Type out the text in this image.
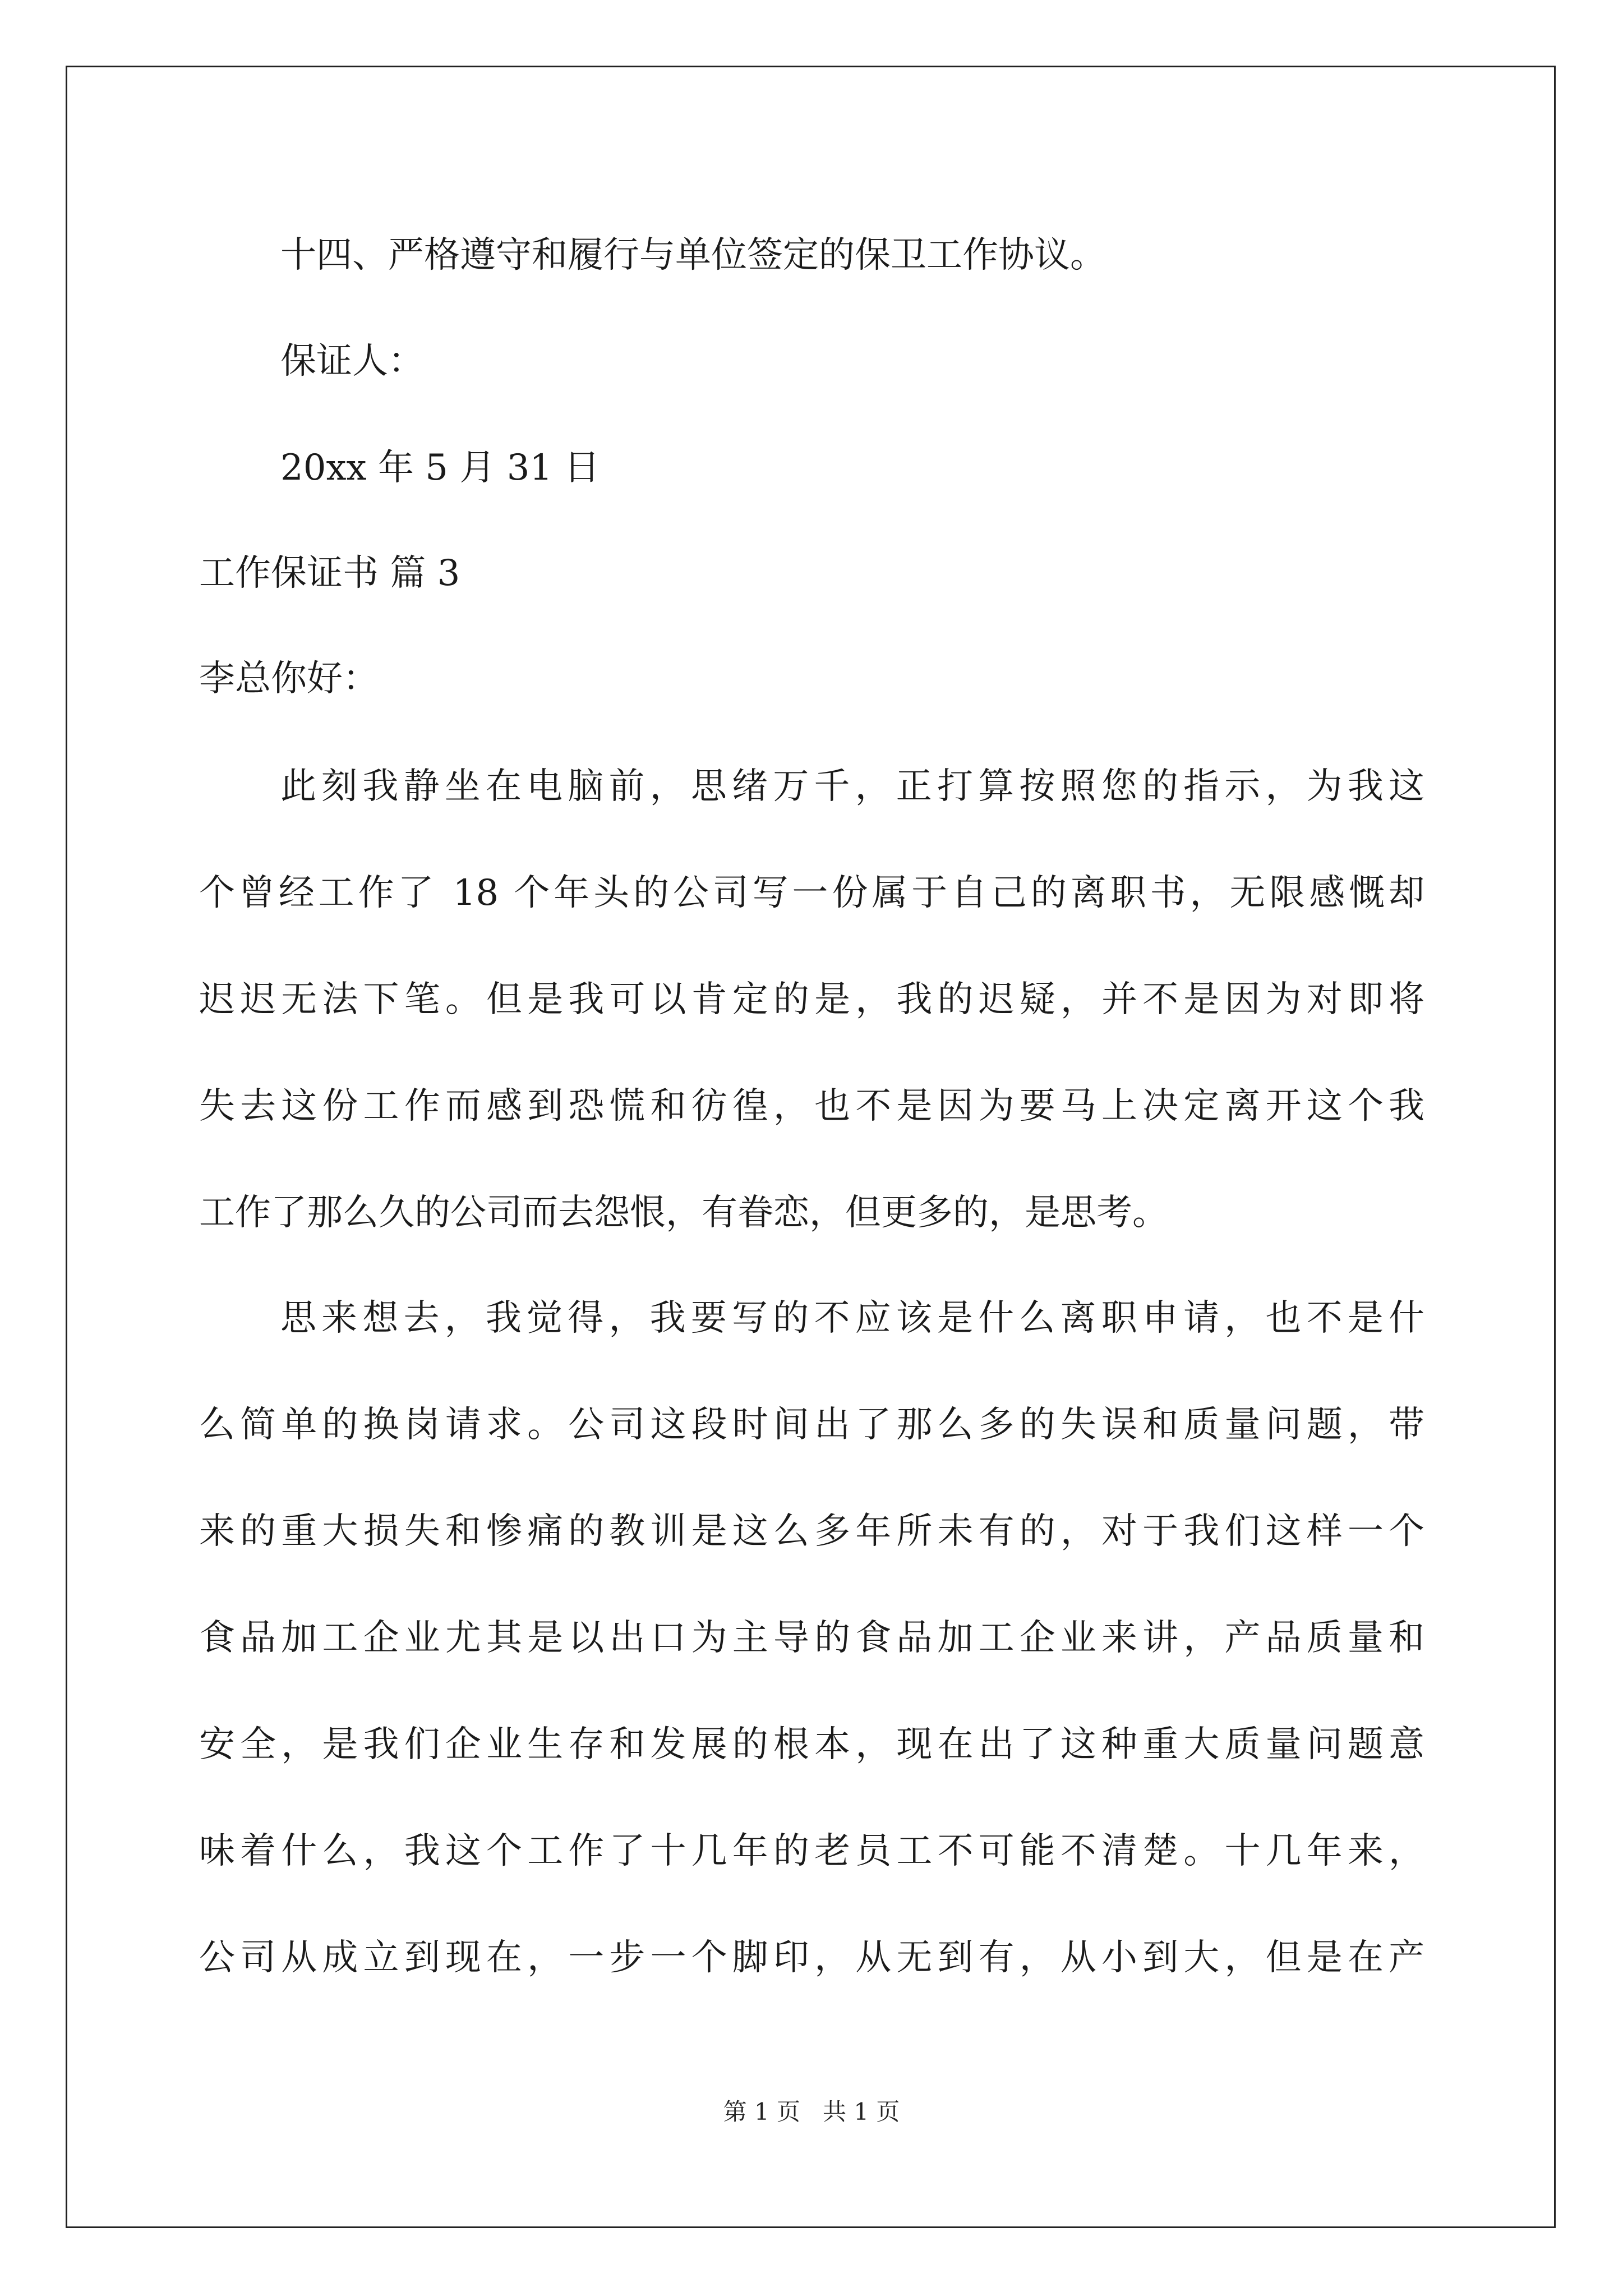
十四、严格遵守和履行与单位签定的保卫工作协议。
保证人：
20xx 年 5 月 31 日
工作保证书 篇 3
李总你好：
此刻我静坐在电脑前，思绪万千，正打算按照您的指示，为我这
个曾经工作了 18 个年头的公司写一份属于自己的离职书，无限感慨却
迟迟无法下笔。但是我可以肯定的是，我的迟疑，并不是因为对即将
失去这份工作而感到恐慌和彷徨，也不是因为要马上决定离开这个我
工作了那么久的公司而去怨恨，有眷恋，但更多的，是思考。
思来想去，我觉得，我要写的不应该是什么离职申请，也不是什
么简单的换岗请求。公司这段时间出了那么多的失误和质量问题，带
来的重大损失和惨痛的教训是这么多年所未有的，对于我们这样一个
食品加工企业尤其是以出口为主导的食品加工企业来讲，产品质量和
安全，是我们企业生存和发展的根本，现在出了这种重大质量问题意
味着什么，我这个工作了十几年的老员工不可能不清楚。十几年来，
公司从成立到现在，一步一个脚印，从无到有，从小到大，但是在产
第 1 页 共 1 页
